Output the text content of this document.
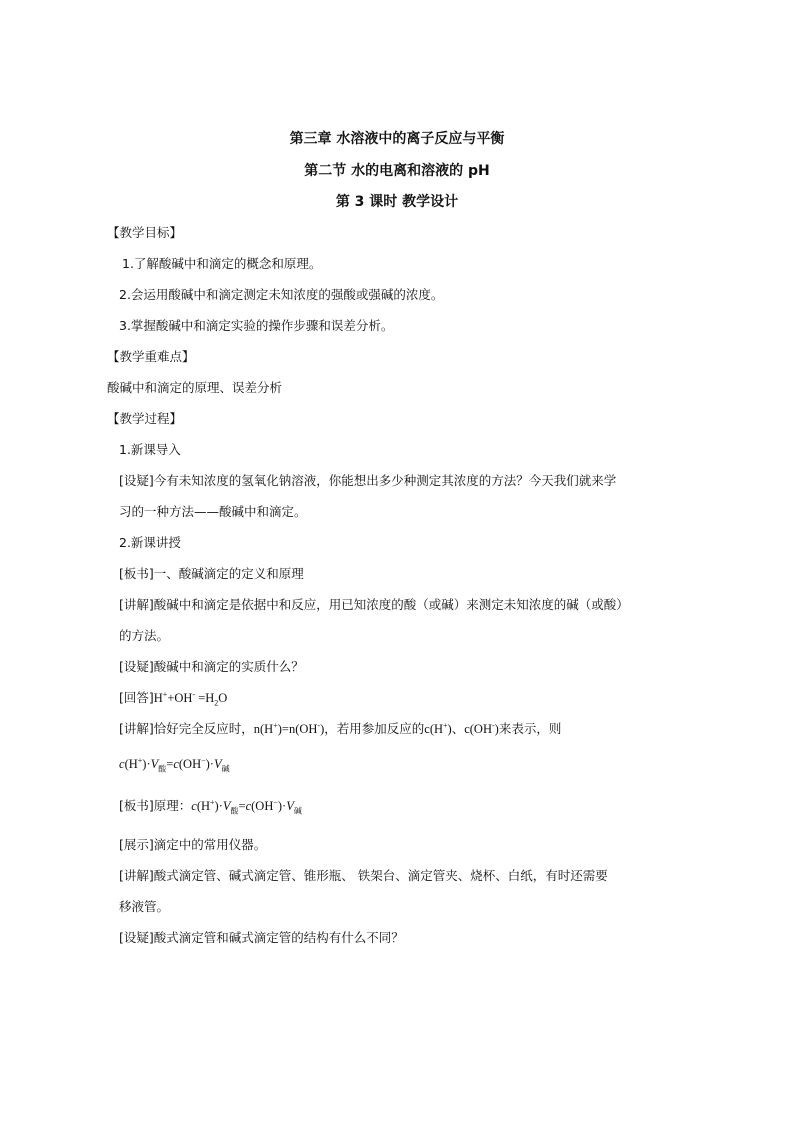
第三章 水溶液中的离子反应与平衡
第二节 水的电离和溶液的 pH
第 3 课时 教学设计
【教学目标】
1.了解酸碱中和滴定的概念和原理。
2.会运用酸碱中和滴定测定未知浓度的强酸或强碱的浓度。
3.掌握酸碱中和滴定实验的操作步骤和误差分析。
【教学重难点】
酸碱中和滴定的原理、误差分析
【教学过程】
1.新课导入
[设疑]今有未知浓度的氢氧化钠溶液，你能想出多少种测定其浓度的方法？今天我们就来学
习的一种方法——酸碱中和滴定。
2.新课讲授
[板书]一、酸碱滴定的定义和原理
[讲解]酸碱中和滴定是依据中和反应，用已知浓度的酸（或碱）来测定未知浓度的碱（或酸）
的方法。
[设疑]酸碱中和滴定的实质什么？
[回答]$H^++OH^- =H_2O$
[讲解]恰好完全反应时，n(H+)=n(OH-)，若用参加反应的c(H+)、c(OH-)来表示，则
$c(H^+)\cdot V_酸=c(OH^-)\cdot V_碱$
[板书]原理：$c(H^+)\cdot V_酸=c(OH^-)\cdot V_碱$
[展示]滴定中的常用仪器。
[讲解]酸式滴定管、碱式滴定管、锥形瓶、 铁架台、滴定管夹、烧杯、白纸，有时还需要
移液管。
[设疑]酸式滴定管和碱式滴定管的结构有什么不同？
